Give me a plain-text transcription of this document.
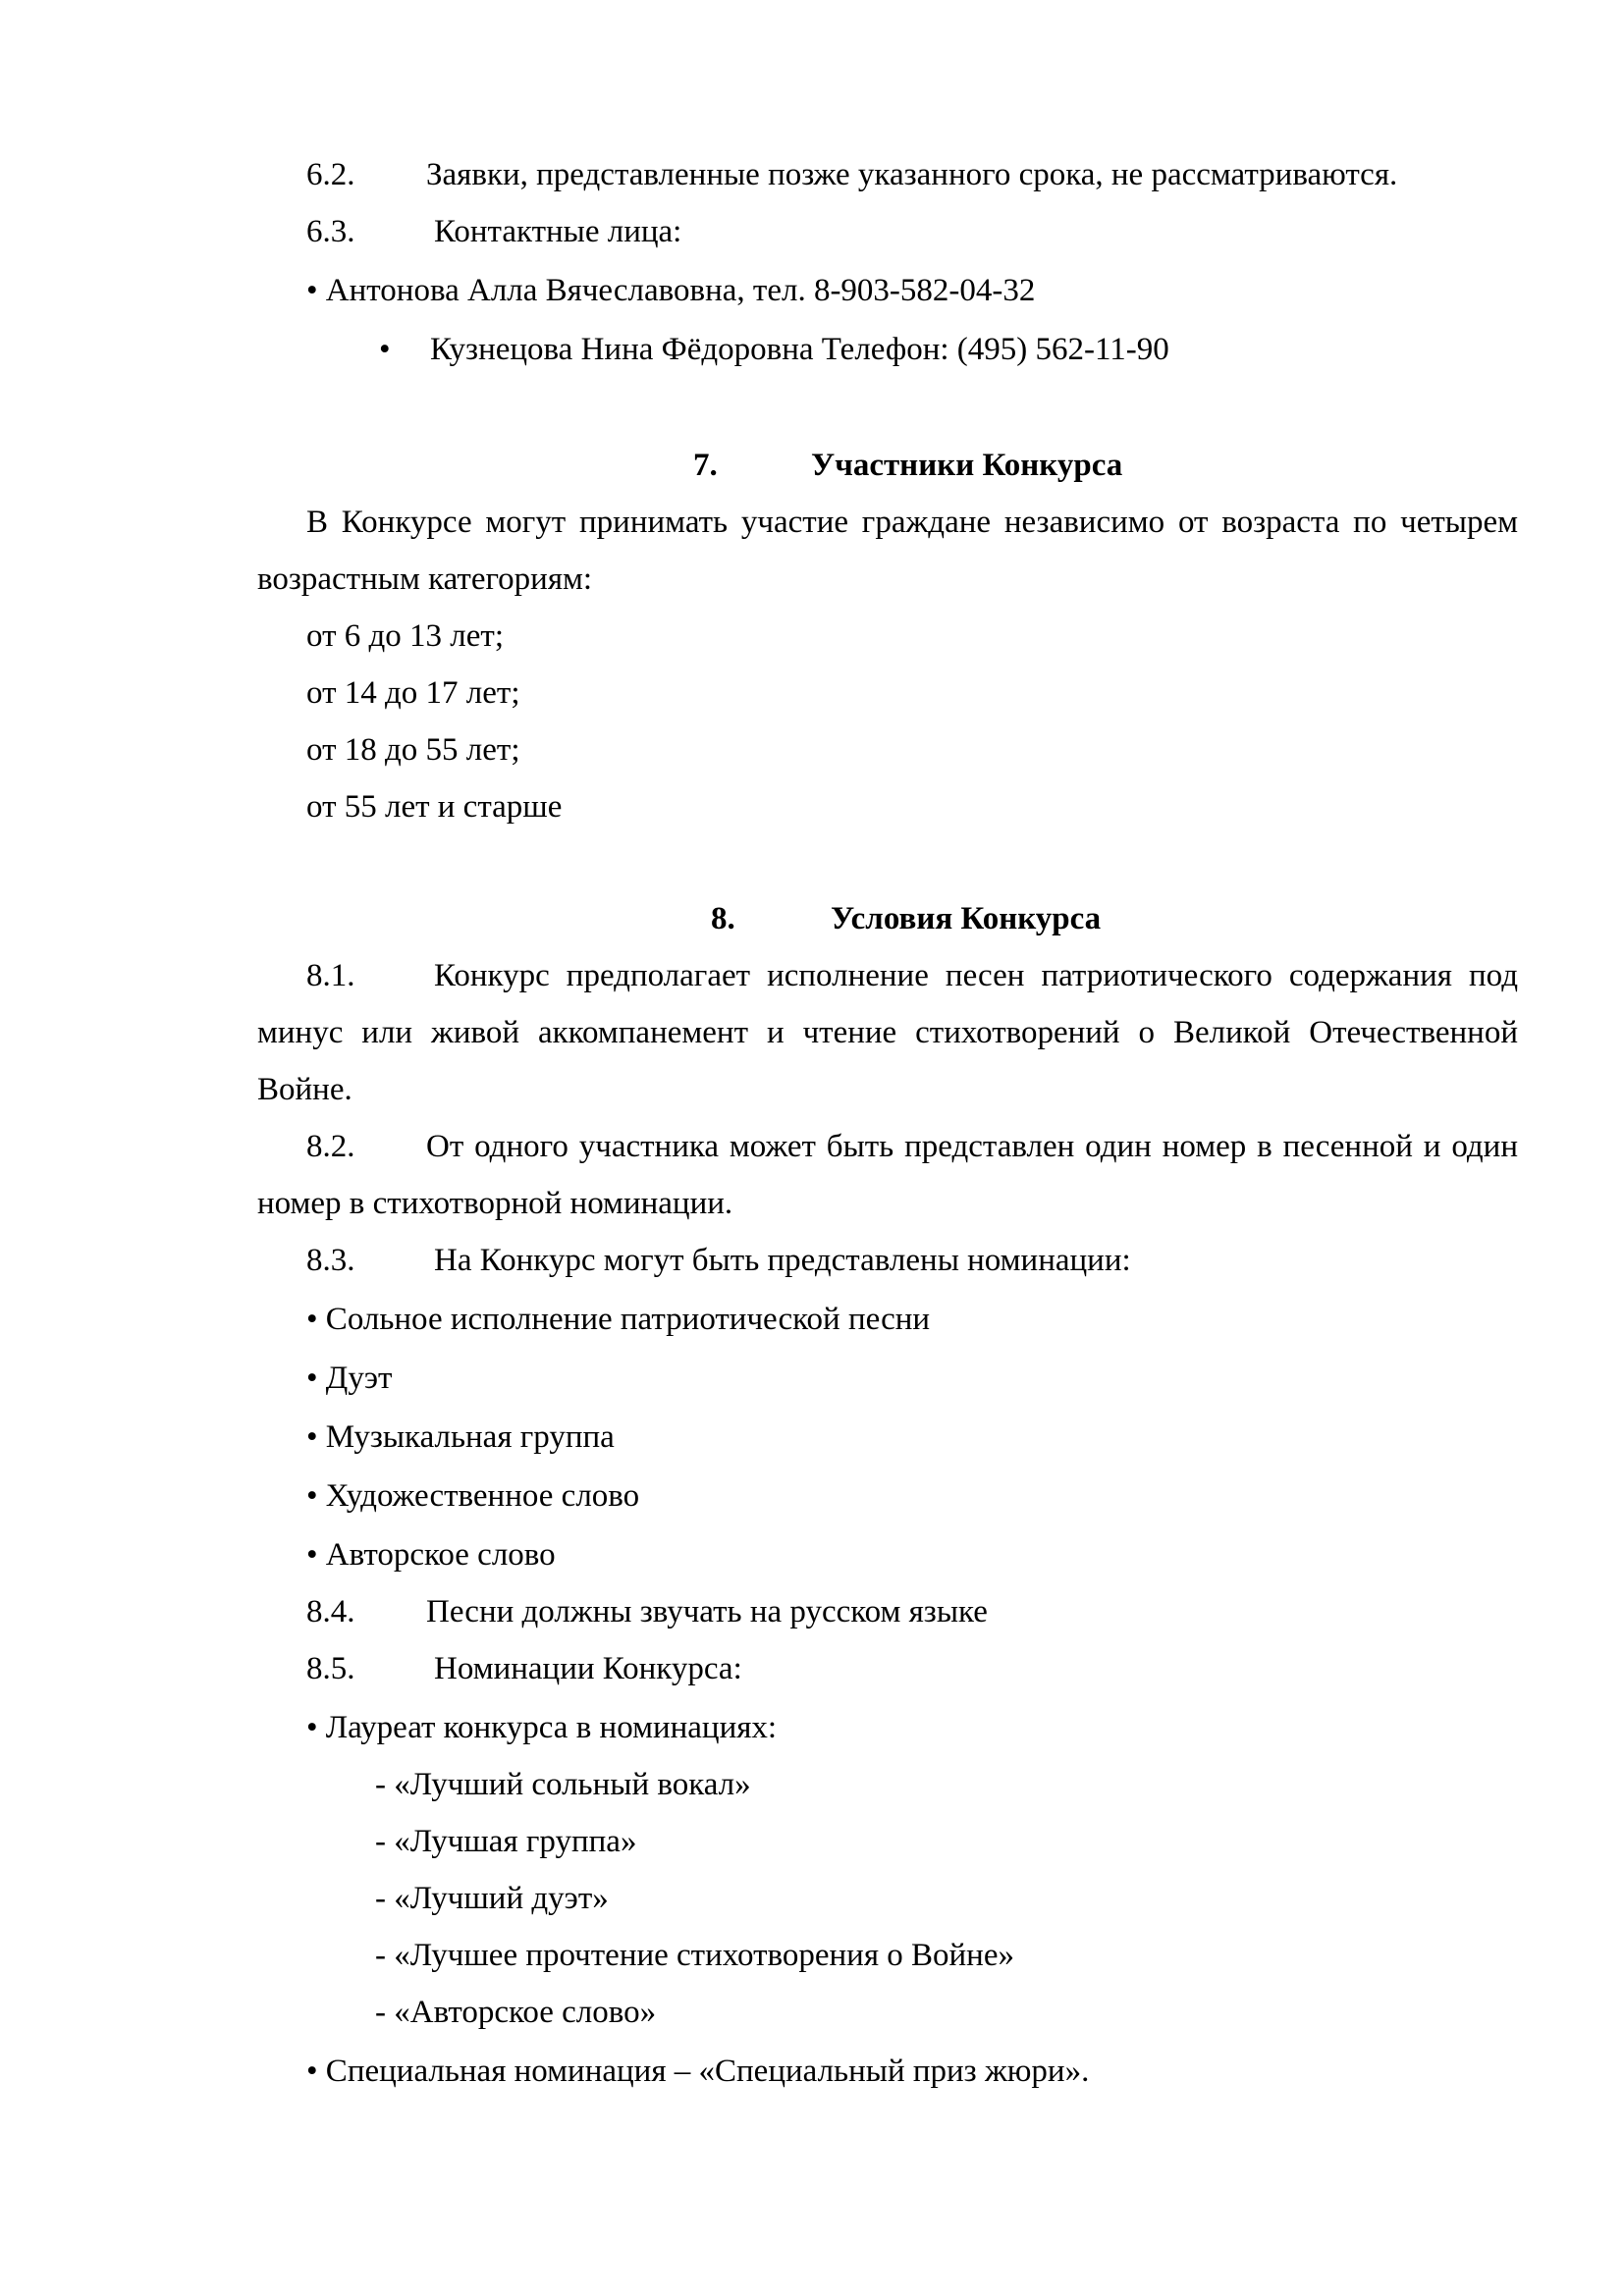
6.2. Заявки, представленные позже указанного срока, не рассматриваются.
6.3. Контактные лица:
• Антонова Алла Вячеславовна, тел. 8-903-582-04-32
• Кузнецова Нина Фёдоровна Телефон: (495) 562-11-90
7.	Участники Конкурса
В Конкурсе могут принимать участие граждане независимо от возраста по четырем
возрастным категориям:
от 6 до 13 лет;
от 14 до 17 лет;
от 18 до 55 лет;
от 55 лет и старше
8.	Условия Конкурса
8.1. Конкурс предполагает исполнение песен патриотического содержания под
минус или живой аккомпанемент и чтение стихотворений о Великой Отечественной
Войне.
8.2. От одного участника может быть представлен один номер в песенной и один
номер в стихотворной номинации.
8.3. На Конкурс могут быть представлены номинации:
• Сольное исполнение патриотической песни
• Дуэт
• Музыкальная группа
• Художественное слово
• Авторское слово
8.4. Песни должны звучать на русском языке
8.5. Номинации Конкурса:
• Лауреат конкурса в номинациях:
- «Лучший сольный вокал»
- «Лучшая группа»
- «Лучший дуэт»
- «Лучшее прочтение стихотворения о Войне»
- «Авторское слово»
• Специальная номинация – «Специальный приз жюри».
